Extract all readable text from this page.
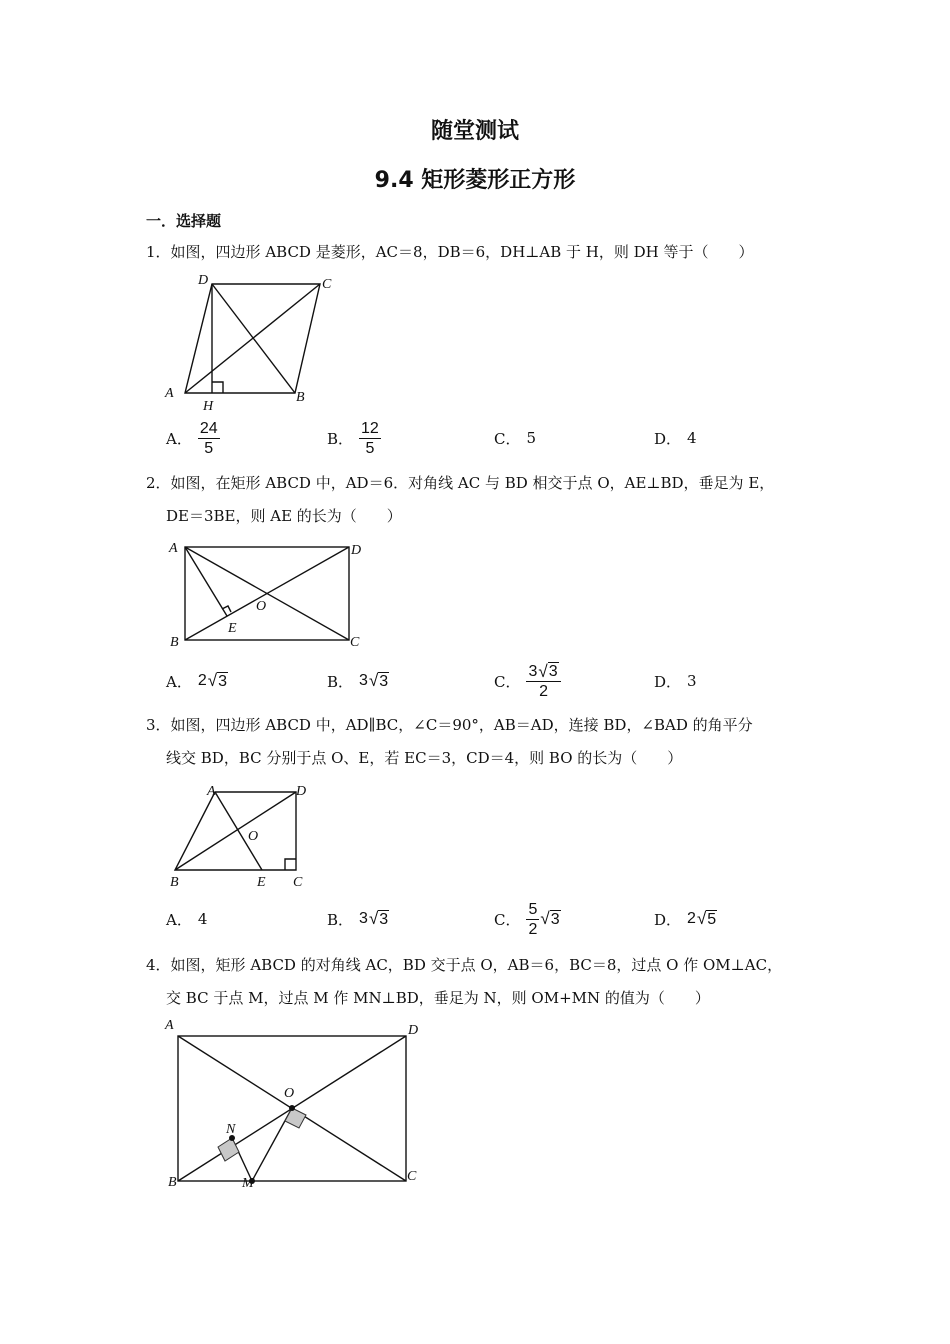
随堂测试
9.4 矩形菱形正方形
一．选择题
1．如图，四边形 ABCD 是菱形，AC＝8，DB＝6，DH⊥AB 于 H，则 DH 等于（　　）
A	B
C
D
H
A． $\frac{24}{5}$	B． $\frac{12}{5}$	C． 5	D． 4
2．如图，在矩形 ABCD 中，AD＝6．对角线 AC 与 BD 相交于点 O，AE⊥BD，垂足为 E，
DE＝3BE，则 AE 的长为（　　）
A
B	C
D
E
O
A． 2 √ 3	B． 3 √ 3	C． $\frac{3 √ 3}{2}$	D． 3
3．如图，四边形 ABCD 中，AD∥BC，∠C＝90°，AB＝AD，连接 BD，∠BAD 的角平分
线交 BD，BC 分别于点 O、E，若 EC＝3，CD＝4，则 BO 的长为（　　）
A
B	C
D
E
O
A． 4	B． 3 √ 3	C． $\frac{5}{2}$ √ 3	D． 2 √ 5
4．如图，矩形 ABCD 的对角线 AC，BD 交于点 O，AB＝6，BC＝8，过点 O 作 OM⊥AC，
交 BC 于点 M，过点 M 作 MN⊥BD，垂足为 N，则 OM+MN 的值为（　　）
A
B	C
D
O
M
N
